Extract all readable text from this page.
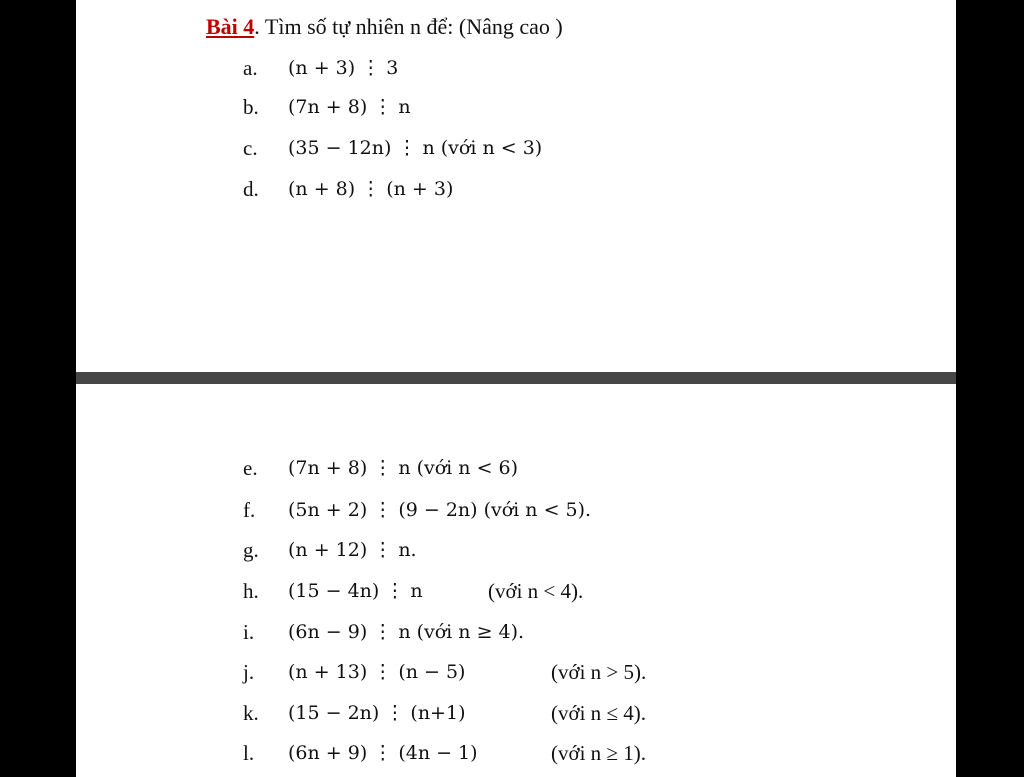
Bài 4. Tìm số tự nhiên n để: (Nâng cao )
a.	(n + 3) ⋮ 3
b.	(7n + 8) ⋮ n
c.	(35 − 12n) ⋮ n (với n < 3)
d.	(n + 8) ⋮ (n + 3)
e.	(7n + 8) ⋮ n (với n < 6)
f.	(5n + 2) ⋮ (9 − 2n) (với n < 5).
g.	(n + 12) ⋮ n.
h.	(15 − 4n) ⋮ n	(với n < 4).
i.	(6n − 9) ⋮ n (với n ≥ 4).
j.	(n + 13) ⋮ (n − 5)	(với n > 5).
k.	(15 − 2n) ⋮ (n+1)	(với n ≤ 4).
l.	(6n + 9) ⋮ (4n − 1)	(với n ≥ 1).
